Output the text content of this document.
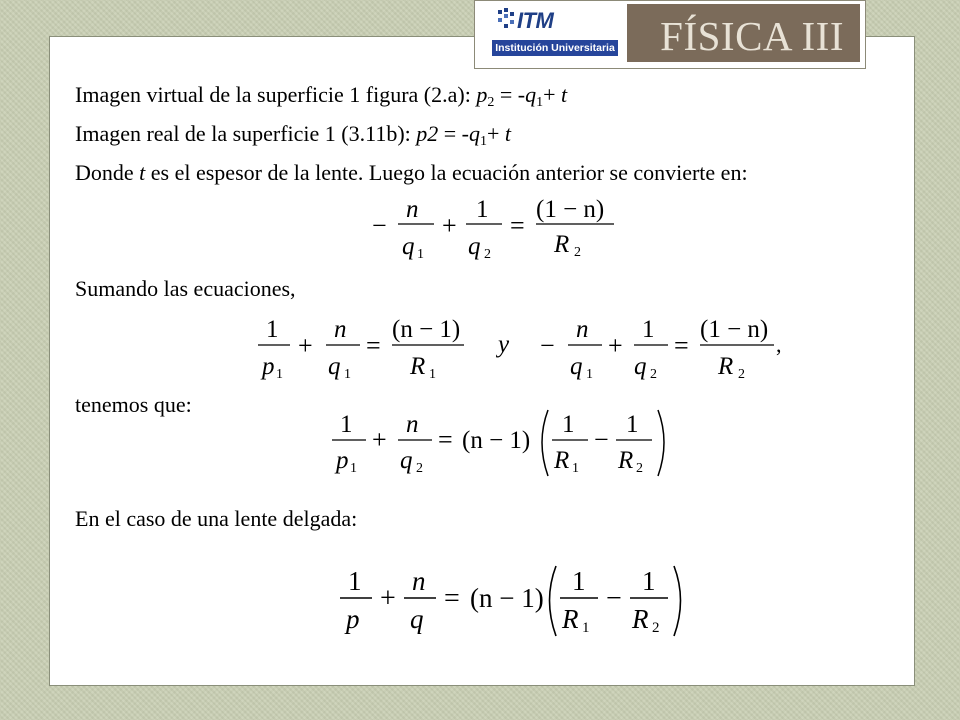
ITM
Institución Universitaria FÍSICA III
Imagen virtual de la superficie 1 figura (2.a): $p_2 = -q_1+ t$
Imagen real de la superficie 1 (3.11b): $p2 = -q_1+ t$
Donde t es el espesor de la lente. Luego la ecuación anterior se convierte en:
Sumando las ecuaciones,
tenemos que:
En el caso de una lente delgada:
−
n
q 1
+
1
q 2
=
(1 − n)
R 2
1
p 1
+
n
q 1
=
(n − 1)
R 1
y −
n
q 1
+
1
q 2
=
(1 − n)
R 2
,
1
p 1
+
n
q 2
= (n − 1)
1
R 1
−
1
R 2
1
p
+
n
q
= (n − 1)
1
R 1
−
1
R 2
